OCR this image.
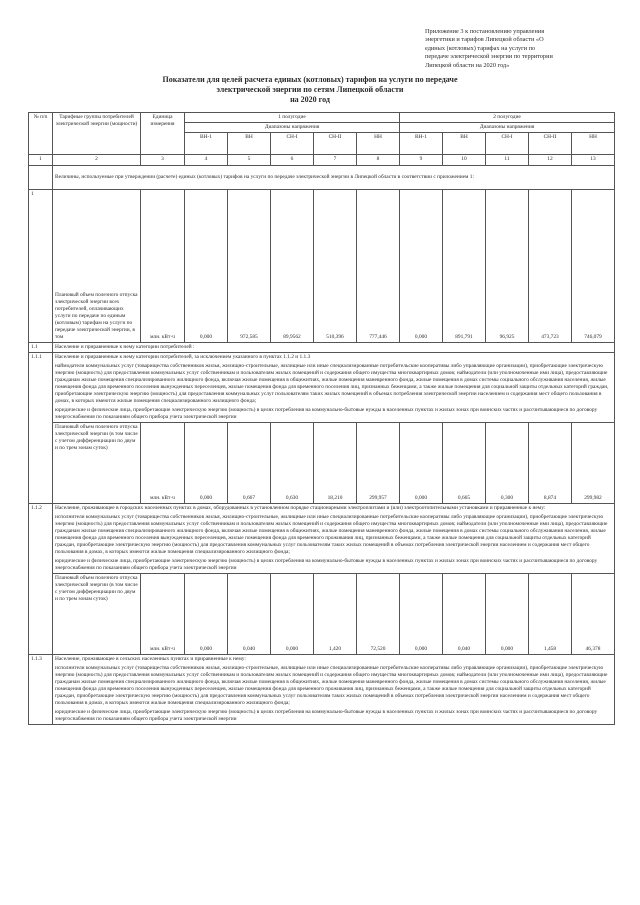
Приложение 3 к постановлению управления
энергетики и тарифов Липецкой области «О
единых (котловых) тарифах на услуги по
передаче электрической энергии по территории
Липецкой области на 2020 год»
Показатели для целей расчета единых (котловых) тарифов на услуги по передаче
электрической энергии по сетям Липецкой области
на 2020 год
№ п/п	Тарифные группы потребителей электрической энергии (мощности)	Единица измерения	1 полугодие					2 полугодие				
			Диапазоны напряжения					Диапазоны напряжения				
			ВН-1	ВН	СН-I	СН-II	НН	ВН-1	ВН	СН-I	СН-II	НН
1	2	3	4	5	6	7	8	9	10	11	12	13
	Величины, используемые при утверждении (расчете) единых (котловых) тарифов на услуги по передаче электрической энергии в Липецкой области в соответствии с приложением 1:											
1	Плановый объем полезного отпуска электрической энергии всех потребителей, оплачивающих услуги по передаче по единым (котловым) тарифам на услуги по передаче электрической энергии, в том	млн. кВт·ч	0,000	972,585	89,9562	510,396	777,446	0,000	891,791	96,925	473,723	746,079
1.1	Население и приравненные к нему категории потребителей :											
1.1.1	Население и приравненные к нему категории потребителей, за исключением указанного в пунктах 1.1.2 и 1.1.3

наймодатели коммунальных услуг (товарищества собственников жилья, жилищно-строительные, жилищные или иные специализированные потребительские кооперативы либо управляющие организации), приобретающие электрическую энергию (мощность) для предоставления коммунальных услуг собственникам и пользователям жилых помещений и содержания общего имущества многоквартирных домов; наймодатели (или уполномоченные ими лица), предоставляющие гражданам жилые помещения специализированного жилищного фонда, включая жилые помещения в общежитиях, жилые помещения маневренного фонда, жилые помещения в домах системы социального обслуживания населения, жилые помещения фонда для временного поселения вынужденных переселенцев, жилые помещения фонда для временного поселения лиц, признанных беженцами, а также жилые помещения для социальной защиты отдельных категорий граждан, приобретающие электрическую энергию (мощность) для предоставления коммунальных услуг пользователям таких жилых помещений в объемах потребления электрической энергии населением и содержания мест общего пользования в домах, в которых имеются жилые помещения специализированного жилищного фонда;

юридические и физические лица, приобретающие электрическую энергию (мощность) в целях потребления на коммунально-бытовые нужды в населенных пунктах и жилых зонах при воинских частях и рассчитывающиеся по договору энергоснабжения по показаниям общего прибора учета электрической энергии											

	Плановый объем полезного отпуска электрической энергии (в том числе с учетом дифференциации по двум и по трем зонам суток)	млн. кВт·ч	0,000	0,667	0,630	18,210	299,957	0,000	0,665	0,300	8,874	299,982
1.1.2	Население, проживающее в городских населенных пунктах в домах, оборудованных в установленном порядке стационарными электроплитами и (или) электроотопительными установками и приравненные к нему:

исполнители коммунальных услуг (товарищества собственников жилья, жилищно-строительные, жилищные или иные специализированные потребительские кооперативы либо управляющие организации), приобретающие электрическую энергию (мощность) для предоставления коммунальных услуг собственникам и пользователям жилых помещений и содержания общего имущества многоквартирных домов; наймодатели (или уполномоченные ими лица), предоставляющие гражданам жилые помещения специализированного жилищного фонда, включая жилые помещения в общежитиях, жилые помещения маневренного фонда, жилые помещения в домах системы социального обслуживания населения, жилые помещения фонда для временного поселения вынужденных переселенцев, жилые помещения фонда для временного проживания лиц, признанных беженцами, а также жилые помещения для социальной защиты отдельных категорий граждан, приобретающие электрическую энергию (мощность) для предоставления коммунальных услуг пользователям таких жилых помещений в объемах потребления электрической энергии населением и содержания мест общего пользования в домах, в которых имеются жилые помещения специализированного жилищного фонда;

юридические и физические лица, приобретающие электрическую энергию (мощность) в целях потребления на коммунально-бытовые нужды в населенных пунктах и жилых зонах при воинских частях и рассчитывающиеся по договору энергоснабжения по показаниям общего прибора учета электрической энергии											

	Плановый объем полезного отпуска электрической энергии (в том числе с учетом дифференциации по двум и по трем зонам суток)	млн. кВт·ч	0,000	0,040	0,000	1,420	72,520	0,000	0,040	0,000	1,458	46,378
1.1.3	Население, проживающее в сельских населенных пунктах и приравненные к нему:

исполнители коммунальных услуг (товарищества собственников жилья, жилищно-строительные, жилищные или иные специализированные потребительские кооперативы либо управляющие организации), приобретающие электрическую энергию (мощность) для предоставления коммунальных услуг собственникам и пользователям жилых помещений и содержания общего имущества многоквартирных домов; наймодатели (или уполномоченные ими лица), предоставляющие гражданам жилые помещения специализированного жилищного фонда, включая жилые помещения в общежитиях, жилые помещения маневренного фонда, жилые помещения в домах системы социального обслуживания населения, жилые помещения фонда для временного поселения вынужденных переселенцев, жилые помещения фонда для временного проживания лиц, признанных беженцами, а также жилые помещения для социальной защиты отдельных категорий граждан, приобретающие электрическую энергию (мощность) для предоставления коммунальных услуг пользователям таких жилых помещений в объемах потребления электрической энергии населением и содержания мест общего пользования в домах, в которых имеются жилые помещения специализированного жилищного фонда;

юридические и физические лица, приобретающие электрическую энергию (мощность) в целях потребления на коммунально-бытовые нужды в населенных пунктах и жилых зонах при воинских частях и рассчитывающиеся по договору энергоснабжения по показаниям общего прибора учета электрической энергии											
